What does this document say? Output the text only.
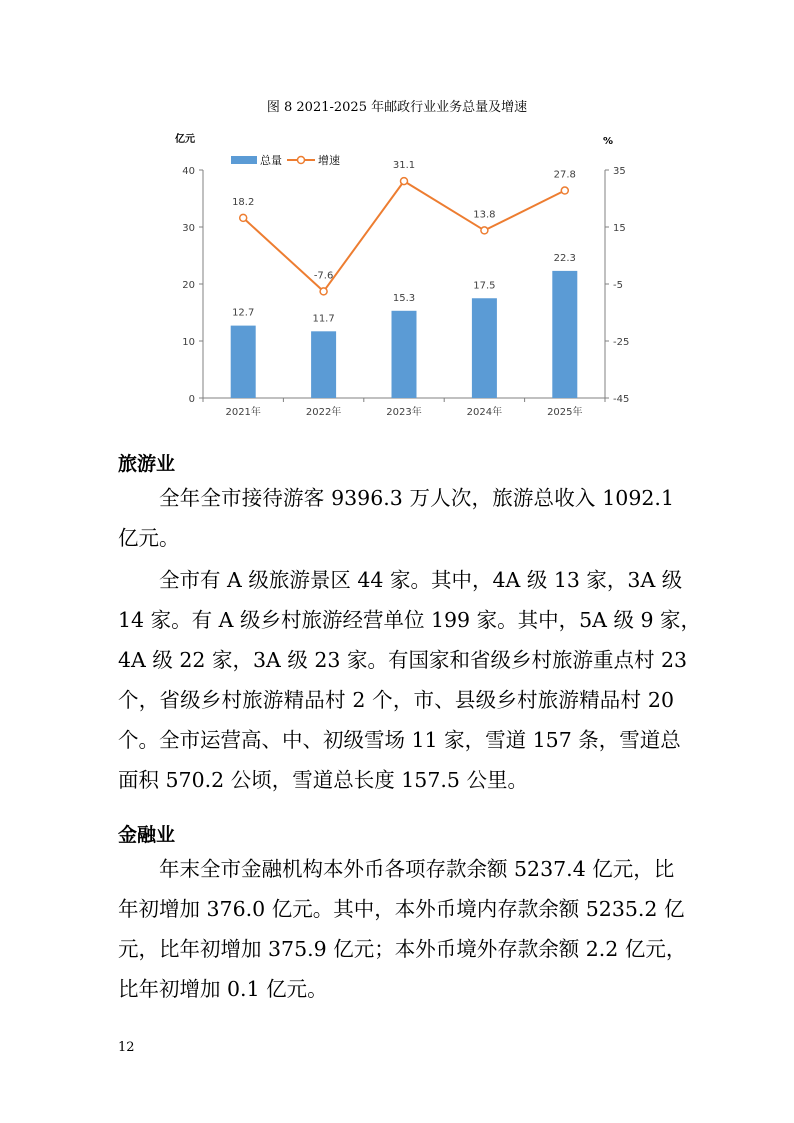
图 8 2021-2025 年邮政行业业务总量及增速
0
10
20
30
40
-45
-25
-5
15
35
亿元	%
2021年	2022年	2023年	2024年	2025年
12.7
11.7
15.3
17.5
22.3
18.2
-7.6
31.1
13.8
27.8
总量	增速
旅游业
全年全市接待游客 9396.3 万人次，旅游总收入 1092.1
亿元。
全市有 A 级旅游景区 44 家。其中，4A 级 13 家，3A 级
14 家。有 A 级乡村旅游经营单位 199 家。其中，5A 级 9 家，
4A 级 22 家，3A 级 23 家。有国家和省级乡村旅游重点村 23
个，省级乡村旅游精品村 2 个，市、县级乡村旅游精品村 20
个。全市运营高、中、初级雪场 11 家，雪道 157 条，雪道总
面积 570.2 公顷，雪道总长度 157.5 公里。
金融业
年末全市金融机构本外币各项存款余额 5237.4 亿元，比
年初增加 376.0 亿元。其中，本外币境内存款余额 5235.2 亿
元，比年初增加 375.9 亿元；本外币境外存款余额 2.2 亿元，
比年初增加 0.1 亿元。
12
